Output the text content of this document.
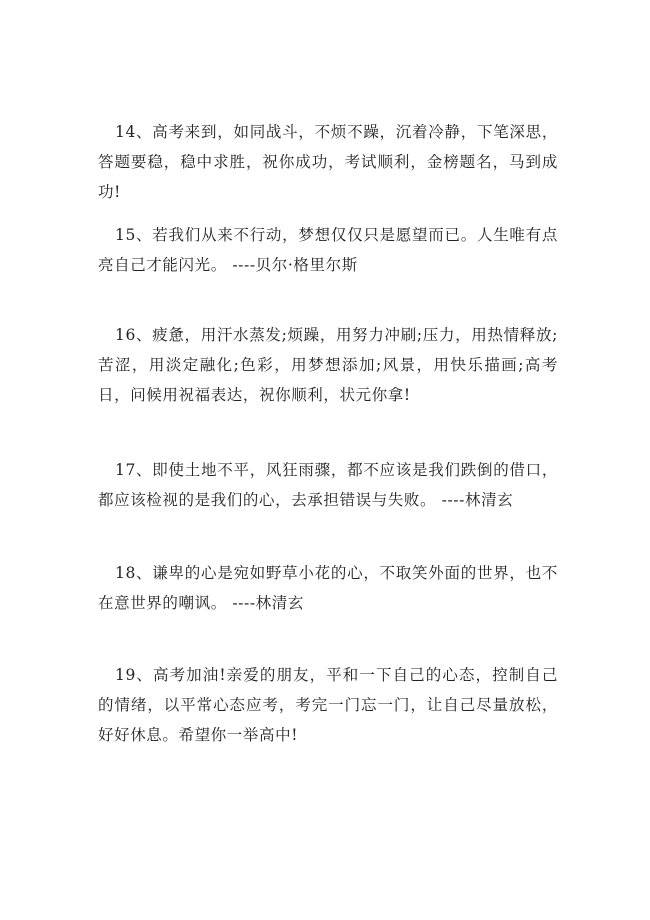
14、高考来到，如同战斗，不烦不躁，沉着冷静，下笔深思，答题要稳，稳中求胜，祝你成功，考试顺利，金榜题名，马到成功!

15、若我们从来不行动，梦想仅仅只是愿望而已。人生唯有点亮自己才能闪光。 ----贝尔·格里尔斯

16、疲惫，用汗水蒸发;烦躁，用努力冲刷;压力，用热情释放;苦涩，用淡定融化;色彩，用梦想添加;风景，用快乐描画;高考日，问候用祝福表达，祝你顺利，状元你拿!

17、即使土地不平，风狂雨骤，都不应该是我们跌倒的借口，都应该检视的是我们的心，去承担错误与失败。 ----林清玄

18、谦卑的心是宛如野草小花的心，不取笑外面的世界，也不在意世界的嘲讽。 ----林清玄

19、高考加油!亲爱的朋友，平和一下自己的心态，控制自己的情绪，以平常心态应考，考完一门忘一门，让自己尽量放松，好好休息。希望你一举高中!
